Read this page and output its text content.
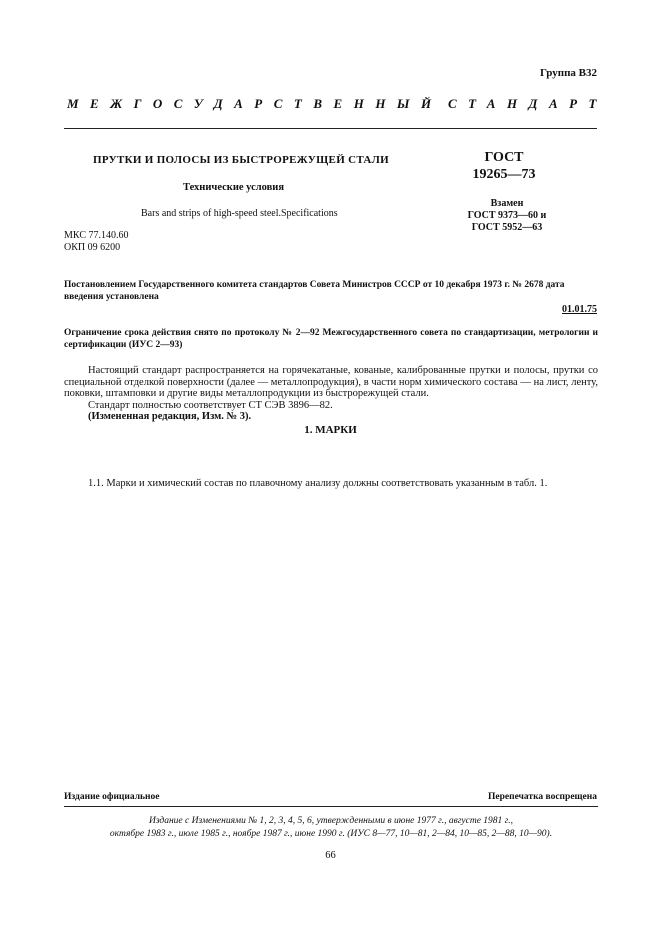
Группа В32
МЕЖГОСУДАРСТВЕННЫЙ СТАНДАРТ
ПРУТКИ И ПОЛОСЫ ИЗ БЫСТРОРЕЖУЩЕЙ СТАЛИ
Технические условия
Bars and strips of high-speed steel.Specifications
МКС 77.140.60
ОКП 09 6200
ГОСТ
19265—73
Взамен
ГОСТ 9373—60 и
ГОСТ 5952—63
Постановлением Государственного комитета стандартов Совета Министров СССР от 10 декабря 1973 г. № 2678 дата введения установлена
01.01.75
Ограничение срока действия снято по протоколу № 2—92 Межгосударственного совета по стандартизации, метрологии и сертификации (ИУС 2—93)

Настоящий стандарт распространяется на горячекатаные, кованые, калиброванные прутки и полосы, прутки со специальной отделкой поверхности (далее — металлопродукция), в части норм химического состава — на лист, ленту, поковки, штамповки и другие виды металлопродукции из быстрорежущей стали.

Стандарт полностью соответствует СТ СЭВ 3896—82.

(Измененная редакция, Изм. № 3).

1. МАРКИ
1.1. Марки и химический состав по плавочному анализу должны соответствовать указанным в табл. 1.
Издание официальное	Перепечатка воспрещена
Издание с Изменениями № 1, 2, 3, 4, 5, 6, утвержденными в июне 1977 г., августе 1981 г.,
октябре 1983 г., июле 1985 г., ноябре 1987 г., июне 1990 г. (ИУС 8—77, 10—81, 2—84, 10—85, 2—88, 10—90).
66
